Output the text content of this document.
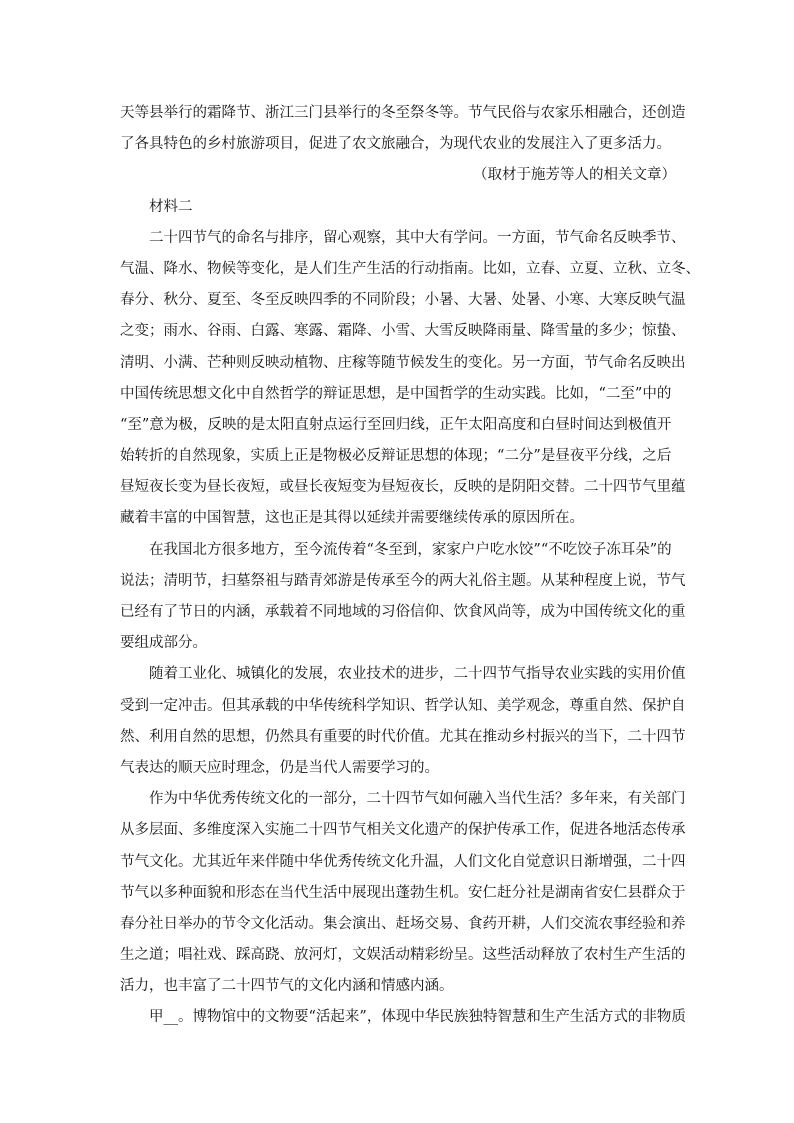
天等县举行的霜降节、浙江三门县举行的冬至祭冬等。节气民俗与农家乐相融合，还创造
了各具特色的乡村旅游项目，促进了农文旅融合，为现代农业的发展注入了更多活力。
（取材于施芳等人的相关文章）
材料二
二十四节气的命名与排序，留心观察，其中大有学问。一方面，节气命名反映季节、
气温、降水、物候等变化，是人们生产生活的行动指南。比如，立春、立夏、立秋、立冬、
春分、秋分、夏至、冬至反映四季的不同阶段；小暑、大暑、处暑、小寒、大寒反映气温
之变；雨水、谷雨、白露、寒露、霜降、小雪、大雪反映降雨量、降雪量的多少；惊蛰、
清明、小满、芒种则反映动植物、庄稼等随节候发生的变化。另一方面，节气命名反映出
中国传统思想文化中自然哲学的辩证思想，是中国哲学的生动实践。比如，“二至”中的
“至”意为极，反映的是太阳直射点运行至回归线，正午太阳高度和白昼时间达到极值开
始转折的自然现象，实质上正是物极必反辩证思想的体现；“二分”是昼夜平分线，之后
昼短夜长变为昼长夜短，或昼长夜短变为昼短夜长，反映的是阴阳交替。二十四节气里蕴
藏着丰富的中国智慧，这也正是其得以延续并需要继续传承的原因所在。
在我国北方很多地方，至今流传着“冬至到，家家户户吃水饺”“不吃饺子冻耳朵”的
说法；清明节，扫墓祭祖与踏青郊游是传承至今的两大礼俗主题。从某种程度上说，节气
已经有了节日的内涵，承载着不同地域的习俗信仰、饮食风尚等，成为中国传统文化的重
要组成部分。
随着工业化、城镇化的发展，农业技术的进步，二十四节气指导农业实践的实用价值
受到一定冲击。但其承载的中华传统科学知识、哲学认知、美学观念，尊重自然、保护自
然、利用自然的思想，仍然具有重要的时代价值。尤其在推动乡村振兴的当下，二十四节
气表达的顺天应时理念，仍是当代人需要学习的。
作为中华优秀传统文化的一部分，二十四节气如何融入当代生活？多年来，有关部门
从多层面、多维度深入实施二十四节气相关文化遗产的保护传承工作，促进各地活态传承
节气文化。尤其近年来伴随中华优秀传统文化升温，人们文化自觉意识日渐增强，二十四
节气以多种面貌和形态在当代生活中展现出蓬勃生机。安仁赶分社是湖南省安仁县群众于
春分社日举办的节令文化活动。集会演出、赶场交易、食药开耕，人们交流农事经验和养
生之道；唱社戏、踩高跷、放河灯，文娱活动精彩纷呈。这些活动释放了农村生产生活的
活力，也丰富了二十四节气的文化内涵和情感内涵。
甲__。博物馆中的文物要“活起来”，体现中华民族独特智慧和生产生活方式的非物质
